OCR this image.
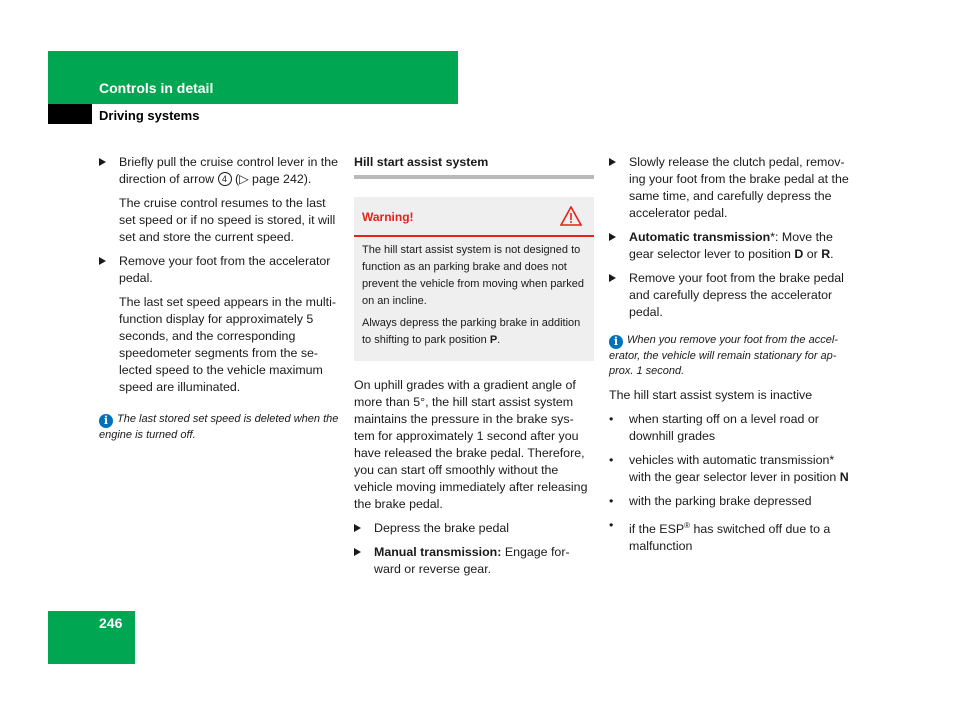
Controls in detail
Driving systems
Briefly pull the cruise control lever in the direction of arrow 4 (▷ page 242).
The cruise control resumes to the last set speed or if no speed is stored, it will set and store the current speed.
Remove your foot from the accelerator pedal.
The last set speed appears in the multi-function display for approximately 5 seconds, and the corresponding speedometer segments from the se-lected speed to the vehicle maximum speed are illuminated.
i The last stored set speed is deleted when the engine is turned off.
Hill start assist system
Warning!

The hill start assist system is not designed to function as an parking brake and does not prevent the vehicle from moving when parked on an incline.

Always depress the parking brake in addition to shifting to park position P.

On uphill grades with a gradient angle of more than 5°, the hill start assist system maintains the pressure in the brake sys-tem for approximately 1 second after you have released the brake pedal. Therefore, you can start off smoothly without the vehicle moving immediately after releasing the brake pedal.
Depress the brake pedal
Manual transmission: Engage for-ward or reverse gear.
Slowly release the clutch pedal, remov-ing your foot from the brake pedal at the same time, and carefully depress the accelerator pedal.
Automatic transmission*: Move the gear selector lever to position D or R.
Remove your foot from the brake pedal and carefully depress the accelerator pedal.
i When you remove your foot from the accel-erator, the vehicle will remain stationary for ap-prox. 1 second.
The hill start assist system is inactive
• when starting off on a level road or downhill grades
• vehicles with automatic transmission* with the gear selector lever in position N
• with the parking brake depressed
• if the ESP® has switched off due to a malfunction
246
